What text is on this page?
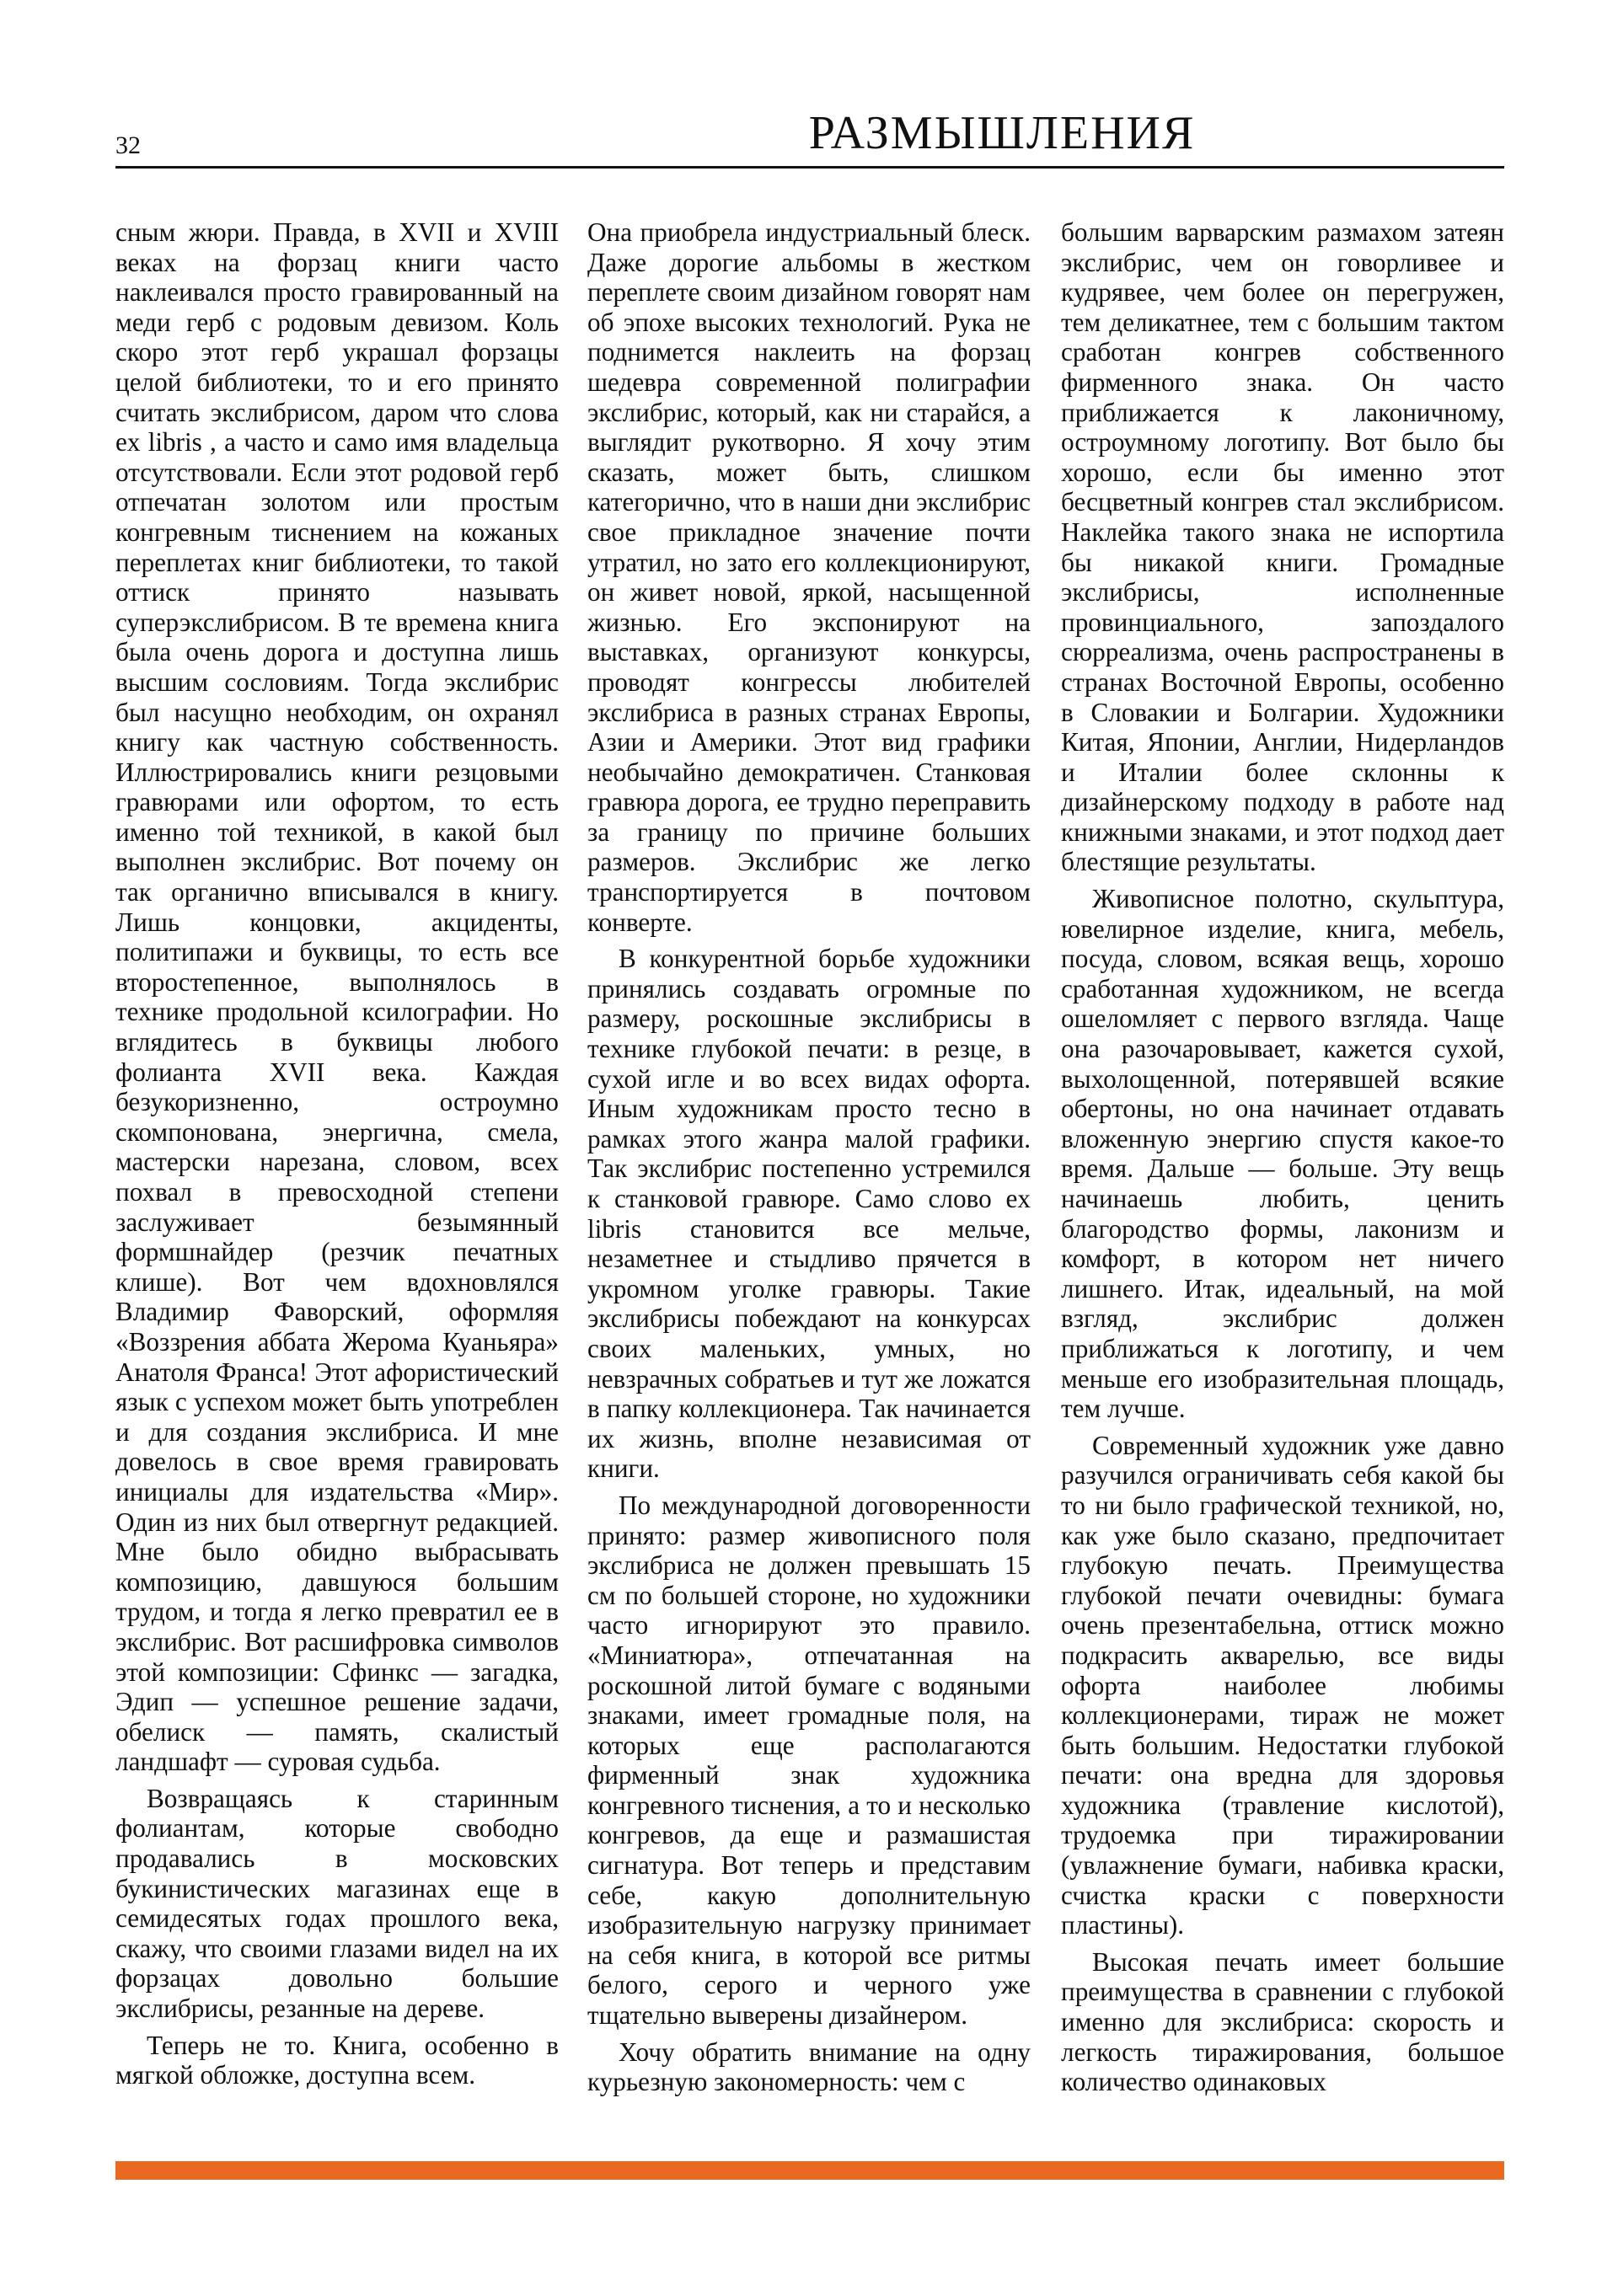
32	РАЗМЫШЛЕНИЯ

сным жюри. Правда, в XVII и XVIII веках на форзац книги часто наклеивался просто гравированный на меди герб с родовым девизом. Коль скоро этот герб украшал форзацы целой библиотеки, то и его принято считать экслибрисом, даром что слова ex libris , а часто и само имя владельца отсутствовали. Если этот родовой герб отпечатан золотом или простым конгревным тиснением на кожаных переплетах книг библиотеки, то такой оттиск принято называть суперэкслибрисом. В те времена книга была очень дорога и доступна лишь высшим сословиям. Тогда экслибрис был насущно необходим, он охранял книгу как частную собственность. Иллюстрировались книги резцовыми гравюрами или офортом, то есть именно той техникой, в какой был выполнен экслибрис. Вот почему он так органично вписывался в книгу. Лишь концовки, акциденты, политипажи и буквицы, то есть все второстепенное, выполнялось в технике продольной ксилографии. Но вглядитесь в буквицы любого фолианта XVII века. Каждая безукоризненно, остроумно скомпонована, энергична, смела, мастерски нарезана, словом, всех похвал в превосходной степени заслуживает безымянный формшнайдер (резчик печатных клише). Вот чем вдохновлялся Владимир Фаворский, оформляя «Воззрения аббата Жерома Куаньяра» Анатоля Франса! Этот афористический язык с успехом может быть употреблен и для создания экслибриса. И мне довелось в свое время гравировать инициалы для издательства «Мир». Один из них был отвергнут редакцией. Мне было обидно выбрасывать композицию, давшуюся большим трудом, и тогда я легко превратил ее в экслибрис. Вот расшифровка символов этой композиции: Сфинкс — загадка, Эдип — успешное решение задачи, обелиск — память, скалистый ландшафт — суровая судьба.

Возвращаясь к старинным фолиантам, которые свободно продавались в московских букинистических магазинах еще в семидесятых годах прошлого века, скажу, что своими глазами видел на их форзацах довольно большие экслибрисы, резанные на дереве.

Теперь не то. Книга, особенно в мягкой обложке, доступна всем.

Она приобрела индустриальный блеск. Даже дорогие альбомы в жестком переплете своим дизайном говорят нам об эпохе высоких технологий. Рука не поднимется наклеить на форзац шедевра современной полиграфии экслибрис, который, как ни старайся, а выглядит рукотворно. Я хочу этим сказать, может быть, слишком категорично, что в наши дни экслибрис свое прикладное значение почти утратил, но зато его коллекционируют, он живет новой, яркой, насыщенной жизнью. Его экспонируют на выставках, организуют конкурсы, проводят конгрессы любителей экслибриса в разных странах Европы, Азии и Америки. Этот вид графики необычайно демократичен. Станковая гравюра дорога, ее трудно переправить за границу по причине больших размеров. Экслибрис же легко транспортируется в почтовом конверте.

В конкурентной борьбе художники принялись создавать огромные по размеру, роскошные экслибрисы в технике глубокой печати: в резце, в сухой игле и во всех видах офорта. Иным художникам просто тесно в рамках этого жанра малой графики. Так экслибрис постепенно устремился к станковой гравюре. Само слово ex libris становится все мельче, незаметнее и стыдливо прячется в укромном уголке гравюры. Такие экслибрисы побеждают на конкурсах своих маленьких, умных, но невзрачных собратьев и тут же ложатся в папку коллекционера. Так начинается их жизнь, вполне независимая от книги.

По международной договоренности принято: размер живописного поля экслибриса не должен превышать 15 см по большей стороне, но художники часто игнорируют это правило. «Миниатюра», отпечатанная на роскошной литой бумаге с водяными знаками, имеет громадные поля, на которых еще располагаются фирменный знак художника конгревного тиснения, а то и несколько конгревов, да еще и размашистая сигнатура. Вот теперь и представим себе, какую дополнительную изобразительную нагрузку принимает на себя книга, в которой все ритмы белого, серого и черного уже тщательно выверены дизайнером.

Хочу обратить внимание на одну курьезную закономерность: чем с

большим варварским размахом затеян экслибрис, чем он говорливее и кудрявее, чем более он перегружен, тем деликатнее, тем с большим тактом сработан конгрев собственного фирменного знака. Он часто приближается к лаконичному, остроумному логотипу. Вот было бы хорошо, если бы именно этот бесцветный конгрев стал экслибрисом. Наклейка такого знака не испортила бы никакой книги. Громадные экслибрисы, исполненные провинциального, запоздалого сюрреализма, очень распространены в странах Восточной Европы, особенно в Словакии и Болгарии. Художники Китая, Японии, Англии, Нидерландов и Италии более склонны к дизайнерскому подходу в работе над книжными знаками, и этот подход дает блестящие результаты.

Живописное полотно, скульптура, ювелирное изделие, книга, мебель, посуда, словом, всякая вещь, хорошо сработанная художником, не всегда ошеломляет с первого взгляда. Чаще она разочаровывает, кажется сухой, выхолощенной, потерявшей всякие обертоны, но она начинает отдавать вложенную энергию спустя какое-то время. Дальше — больше. Эту вещь начинаешь любить, ценить благородство формы, лаконизм и комфорт, в котором нет ничего лишнего. Итак, идеальный, на мой взгляд, экслибрис должен приближаться к логотипу, и чем меньше его изобразительная площадь, тем лучше.

Современный художник уже давно разучился ограничивать себя какой бы то ни было графической техникой, но, как уже было сказано, предпочитает глубокую печать. Преимущества глубокой печати очевидны: бумага очень презентабельна, оттиск можно подкрасить акварелью, все виды офорта наиболее любимы коллекционерами, тираж не может быть большим. Недостатки глубокой печати: она вредна для здоровья художника (травление кислотой), трудоемка при тиражировании (увлажнение бумаги, набивка краски, счистка краски с поверхности пластины).

Высокая печать имеет большие преимущества в сравнении с глубокой именно для экслибриса: скорость и легкость тиражирования, большое количество одинаковых
